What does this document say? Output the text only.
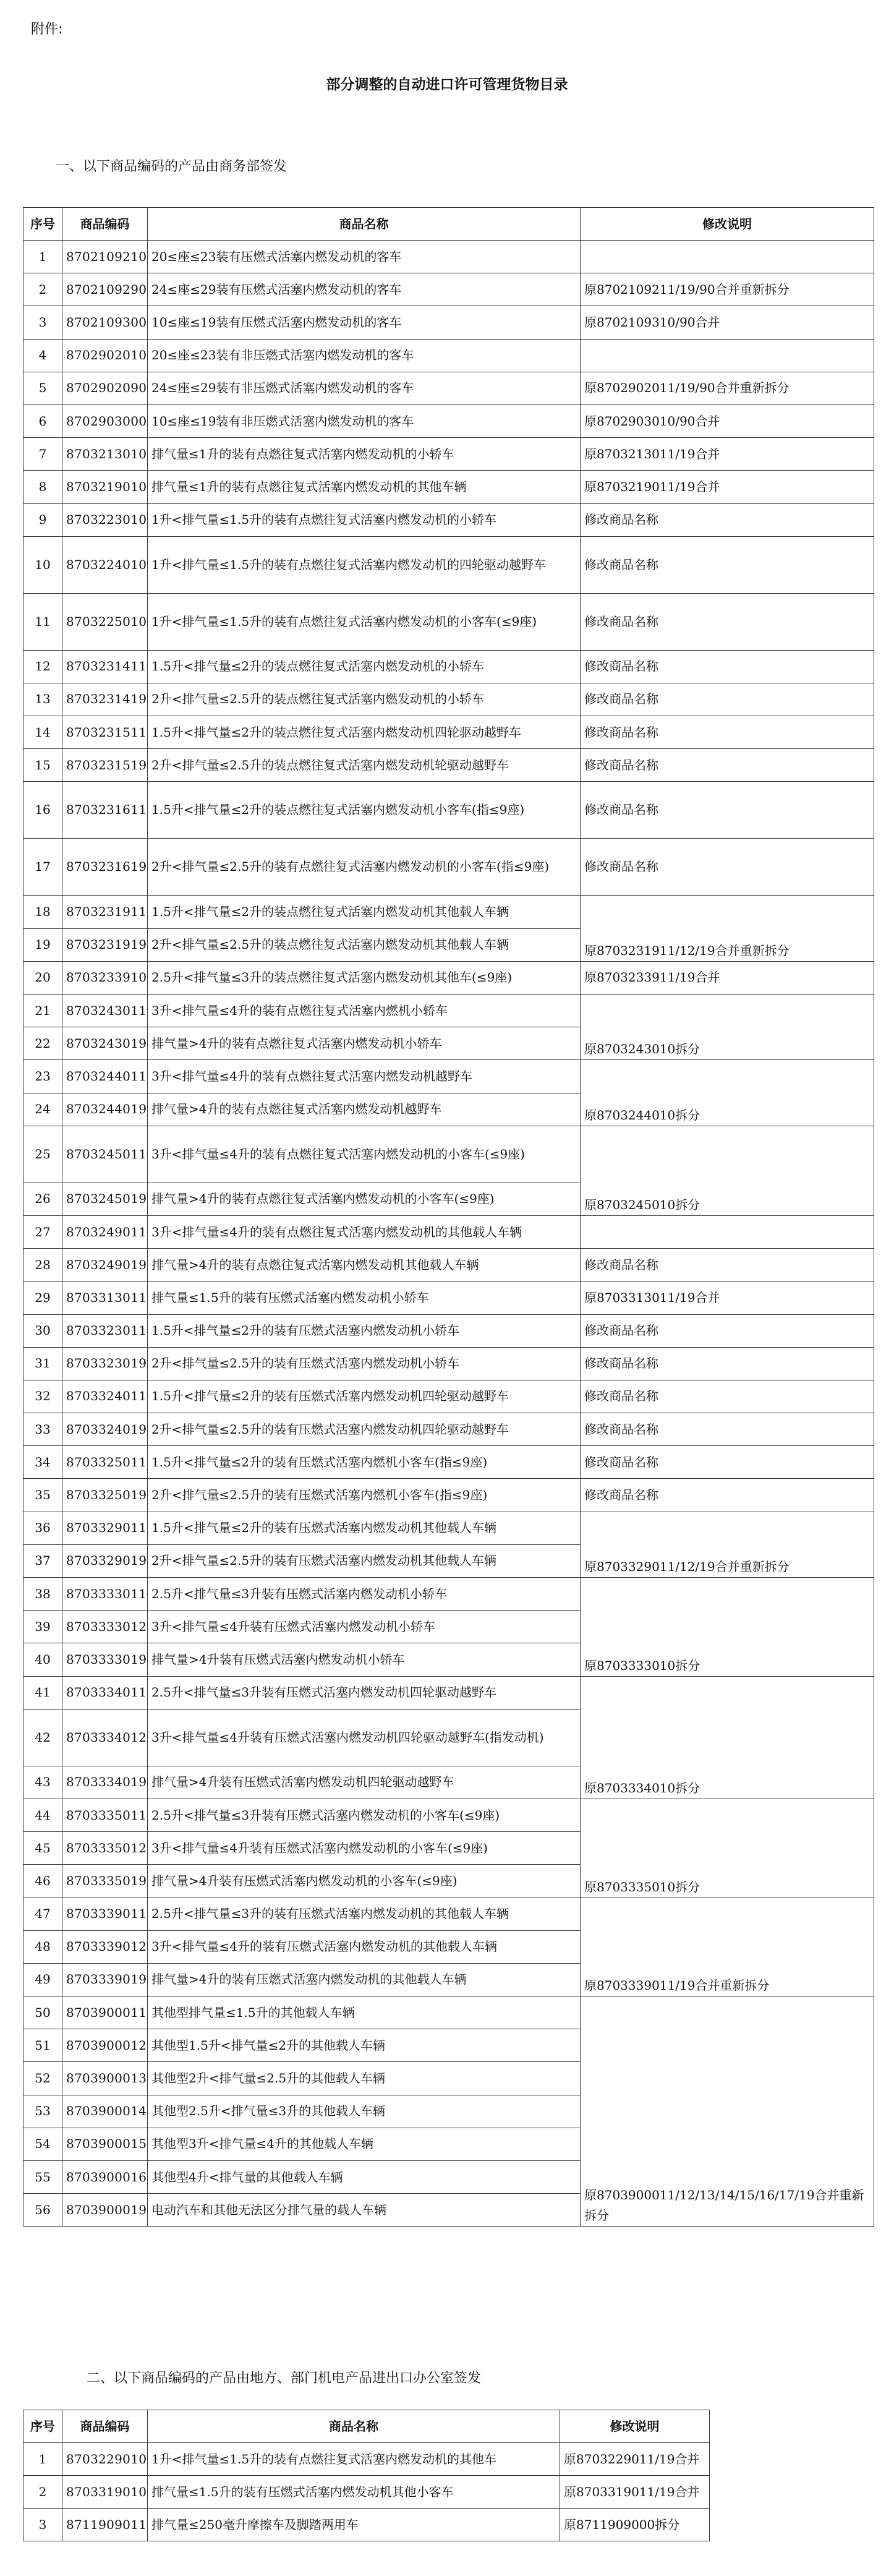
附件:
部分调整的自动进口许可管理货物目录
一、以下商品编码的产品由商务部签发
序号	商品编码	商品名称	修改说明
1	8702109210	20≤座≤23装有压燃式活塞内燃发动机的客车	
2	8702109290	24≤座≤29装有压燃式活塞内燃发动机的客车	原8702109211/19/90合并重新拆分
3	8702109300	10≤座≤19装有压燃式活塞内燃发动机的客车	原8702109310/90合并
4	8702902010	20≤座≤23装有非压燃式活塞内燃发动机的客车	
5	8702902090	24≤座≤29装有非压燃式活塞内燃发动机的客车	原8702902011/19/90合并重新拆分
6	8702903000	10≤座≤19装有非压燃式活塞内燃发动机的客车	原8702903010/90合并
7	8703213010	排气量≤1升的装有点燃往复式活塞内燃发动机的小轿车	原8703213011/19合并
8	8703219010	排气量≤1升的装有点燃往复式活塞内燃发动机的其他车辆	原8703219011/19合并
9	8703223010	1升<排气量≤1.5升的装有点燃往复式活塞内燃发动机的小轿车	修改商品名称
10	8703224010	1升<排气量≤1.5升的装有点燃往复式活塞内燃发动机的四轮驱动越野车	修改商品名称
11	8703225010	1升<排气量≤1.5升的装有点燃往复式活塞内燃发动机的小客车(≤9座)	修改商品名称
12	8703231411	1.5升<排气量≤2升的装点燃往复式活塞内燃发动机的小轿车	修改商品名称
13	8703231419	2升<排气量≤2.5升的装点燃往复式活塞内燃发动机的小轿车	修改商品名称
14	8703231511	1.5升<排气量≤2升的装点燃往复式活塞内燃发动机四轮驱动越野车	修改商品名称
15	8703231519	2升<排气量≤2.5升的装点燃往复式活塞内燃发动机轮驱动越野车	修改商品名称
16	8703231611	1.5升<排气量≤2升的装点燃往复式活塞内燃发动机小客车(指≤9座)	修改商品名称
17	8703231619	2升<排气量≤2.5升的装有点燃往复式活塞内燃发动机的小客车(指≤9座)	修改商品名称
18	8703231911	1.5升<排气量≤2升的装点燃往复式活塞内燃发动机其他载人车辆	原8703231911/12/19合并重新拆分
19	8703231919	2升<排气量≤2.5升的装点燃往复式活塞内燃发动机其他载人车辆	
20	8703233910	2.5升<排气量≤3升的装点燃往复式活塞内燃发动机其他车(≤9座)	原8703233911/19合并
21	8703243011	3升<排气量≤4升的装有点燃往复式活塞内燃机小轿车	原8703243010拆分
22	8703243019	排气量>4升的装有点燃往复式活塞内燃发动机小轿车	
23	8703244011	3升<排气量≤4升的装有点燃往复式活塞内燃发动机越野车	原8703244010拆分
24	8703244019	排气量>4升的装有点燃往复式活塞内燃发动机越野车	
25	8703245011	3升<排气量≤4升的装有点燃往复式活塞内燃发动机的小客车(≤9座)	原8703245010拆分
26	8703245019	排气量>4升的装有点燃往复式活塞内燃发动机的小客车(≤9座)	
27	8703249011	3升<排气量≤4升的装有点燃往复式活塞内燃发动机的其他载人车辆	
28	8703249019	排气量>4升的装有点燃往复式活塞内燃发动机其他载人车辆	修改商品名称
29	8703313011	排气量≤1.5升的装有压燃式活塞内燃发动机小轿车	原8703313011/19合并
30	8703323011	1.5升<排气量≤2升的装有压燃式活塞内燃发动机小轿车	修改商品名称
31	8703323019	2升<排气量≤2.5升的装有压燃式活塞内燃发动机小轿车	修改商品名称
32	8703324011	1.5升<排气量≤2升的装有压燃式活塞内燃发动机四轮驱动越野车	修改商品名称
33	8703324019	2升<排气量≤2.5升的装有压燃式活塞内燃发动机四轮驱动越野车	修改商品名称
34	8703325011	1.5升<排气量≤2升的装有压燃式活塞内燃机小客车(指≤9座)	修改商品名称
35	8703325019	2升<排气量≤2.5升的装有压燃式活塞内燃机小客车(指≤9座)	修改商品名称
36	8703329011	1.5升<排气量≤2升的装有压燃式活塞内燃发动机其他载人车辆	原8703329011/12/19合并重新拆分
37	8703329019	2升<排气量≤2.5升的装有压燃式活塞内燃发动机其他载人车辆	
38	8703333011	2.5升<排气量≤3升装有压燃式活塞内燃发动机小轿车	原8703333010拆分
39	8703333012	3升<排气量≤4升装有压燃式活塞内燃发动机小轿车	
40	8703333019	排气量>4升装有压燃式活塞内燃发动机小轿车	
41	8703334011	2.5升<排气量≤3升装有压燃式活塞内燃发动机四轮驱动越野车	原8703334010拆分
42	8703334012	3升<排气量≤4升装有压燃式活塞内燃发动机四轮驱动越野车(指发动机)	
43	8703334019	排气量>4升装有压燃式活塞内燃发动机四轮驱动越野车	
44	8703335011	2.5升<排气量≤3升装有压燃式活塞内燃发动机的小客车(≤9座)	原8703335010拆分
45	8703335012	3升<排气量≤4升装有压燃式活塞内燃发动机的小客车(≤9座)	
46	8703335019	排气量>4升装有压燃式活塞内燃发动机的小客车(≤9座)	
47	8703339011	2.5升<排气量≤3升的装有压燃式活塞内燃发动机的其他载人车辆	原8703339011/19合并重新拆分
48	8703339012	3升<排气量≤4升的装有压燃式活塞内燃发动机的其他载人车辆	
49	8703339019	排气量>4升的装有压燃式活塞内燃发动机的其他载人车辆	
50	8703900011	其他型排气量≤1.5升的其他载人车辆	原8703900011/12/13/14/15/16/17/19合并重新拆分
51	8703900012	其他型1.5升<排气量≤2升的其他载人车辆	
52	8703900013	其他型2升<排气量≤2.5升的其他载人车辆	
53	8703900014	其他型2.5升<排气量≤3升的其他载人车辆	
54	8703900015	其他型3升<排气量≤4升的其他载人车辆	
55	8703900016	其他型4升<排气量的其他载人车辆	
56	8703900019	电动汽车和其他无法区分排气量的载人车辆	
二、以下商品编码的产品由地方、部门机电产品进出口办公室签发
序号	商品编码	商品名称	修改说明
1	8703229010	1升<排气量≤1.5升的装有点燃往复式活塞内燃发动机的其他车	原8703229011/19合并
2	8703319010	排气量≤1.5升的装有压燃式活塞内燃发动机其他小客车	原8703319011/19合并
3	8711909011	排气量≤250毫升摩擦车及脚踏两用车	原8711909000拆分
